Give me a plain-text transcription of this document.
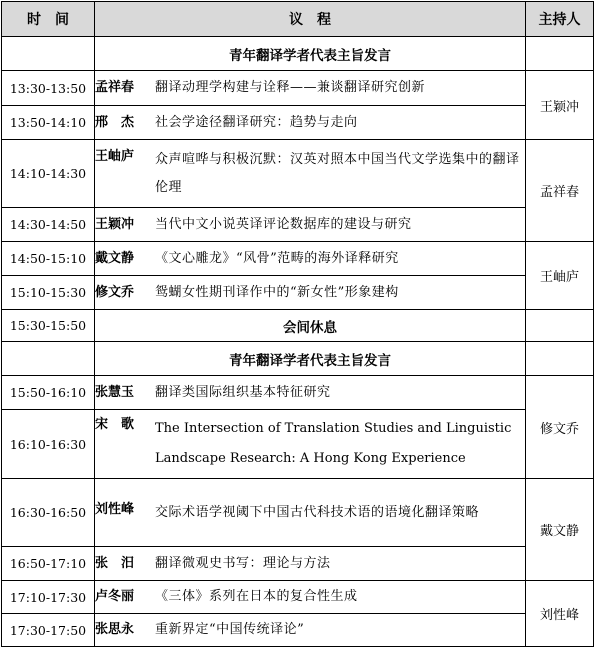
时　间	议　程	主持人
	青年翻译学者代表主旨发言	
13:30-13:50	孟祥春 翻译动理学构建与诠释——兼谈翻译研究创新	王颖冲
13:50-14:10	邢　杰 社会学途径翻译研究：趋势与走向	

14:10-14:30	王岫庐 众声喧哗与积极沉默：汉英对照本中国当代文学选集中的翻译伦理	孟祥春
14:30-14:50	王颖冲 当代中文小说英译评论数据库的建设与研究	

14:50-15:10	戴文静 《文心雕龙》“风骨”范畴的海外译释研究	王岫庐
15:10-15:30	修文乔 鸳蝴女性期刊译作中的“新女性”形象建构	

15:30-15:50	会间休息	
	青年翻译学者代表主旨发言	
15:50-16:10	张慧玉 翻译类国际组织基本特征研究	修文乔
16:10-16:30	宋　歌 The Intersection of Translation Studies and Linguistic Landscape Research: A Hong Kong Experience	

16:30-16:50	刘性峰 交际术语学视阈下中国古代科技术语的语境化翻译策略	戴文静
16:50-17:10	张　汨 翻译微观史书写：理论与方法	

17:10-17:30	卢冬丽 《三体》系列在日本的复合性生成	刘性峰
17:30-17:50	张思永 重新界定“中国传统译论”	
